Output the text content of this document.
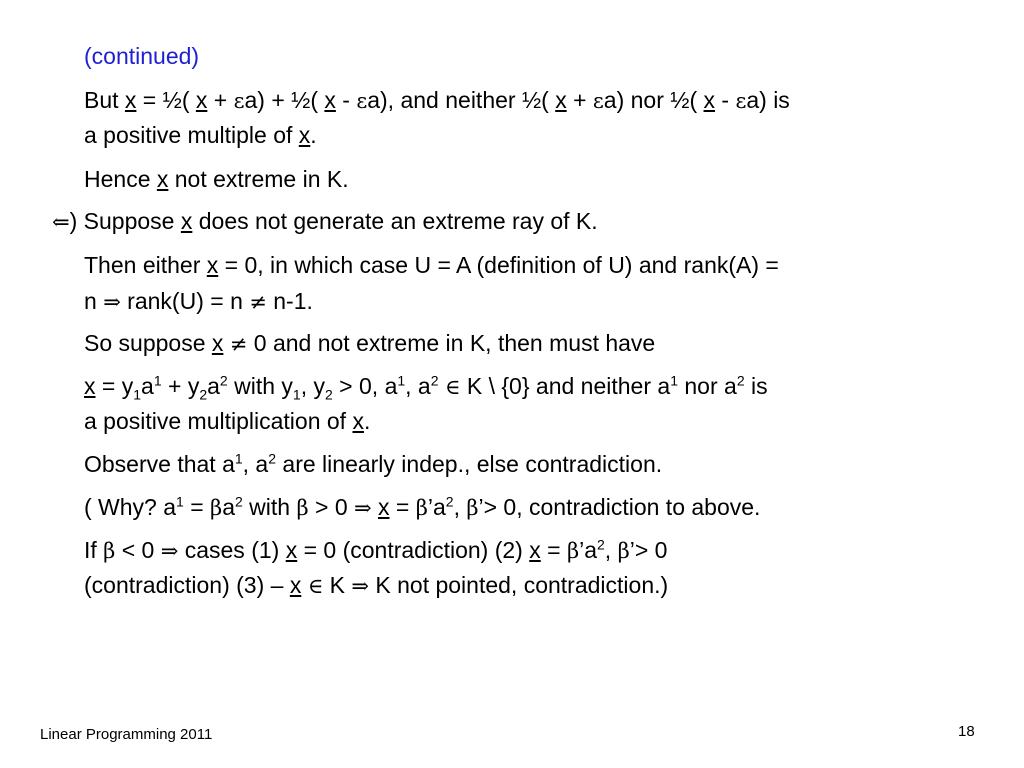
(continued)
But x = ½( x + εa) + ½( x - εa), and neither ½( x + εa) nor ½( x - εa) is
a positive multiple of x.
Hence x not extreme in K.
⇐) Suppose x does not generate an extreme ray of K.
Then either x = 0, in which case U = A (definition of U) and rank(A) =
n ⇒ rank(U) = n ≠ n-1.
So suppose x ≠ 0 and not extreme in K, then must have
$x = y_1a^1 + y_2a^2$ with $y_1$, $y_2 > 0$, $a^1$, $a^2$ ∈ K \ {0} and neither $a^1$ nor $a^2$ is
a positive multiplication of x.
Observe that $a^1$, $a^2$ are linearly indep., else contradiction.
( Why? $a^1 = \beta a^2$ with β > 0 ⇒ $x = \beta’a^2$, β’> 0, contradiction to above.
If β < 0 ⇒ cases (1) x = 0 (contradiction) (2) $x = \beta’a^2$, β’> 0
(contradiction) (3) – x ∈ K ⇒ K not pointed, contradiction.)
Linear Programming 2011	18
